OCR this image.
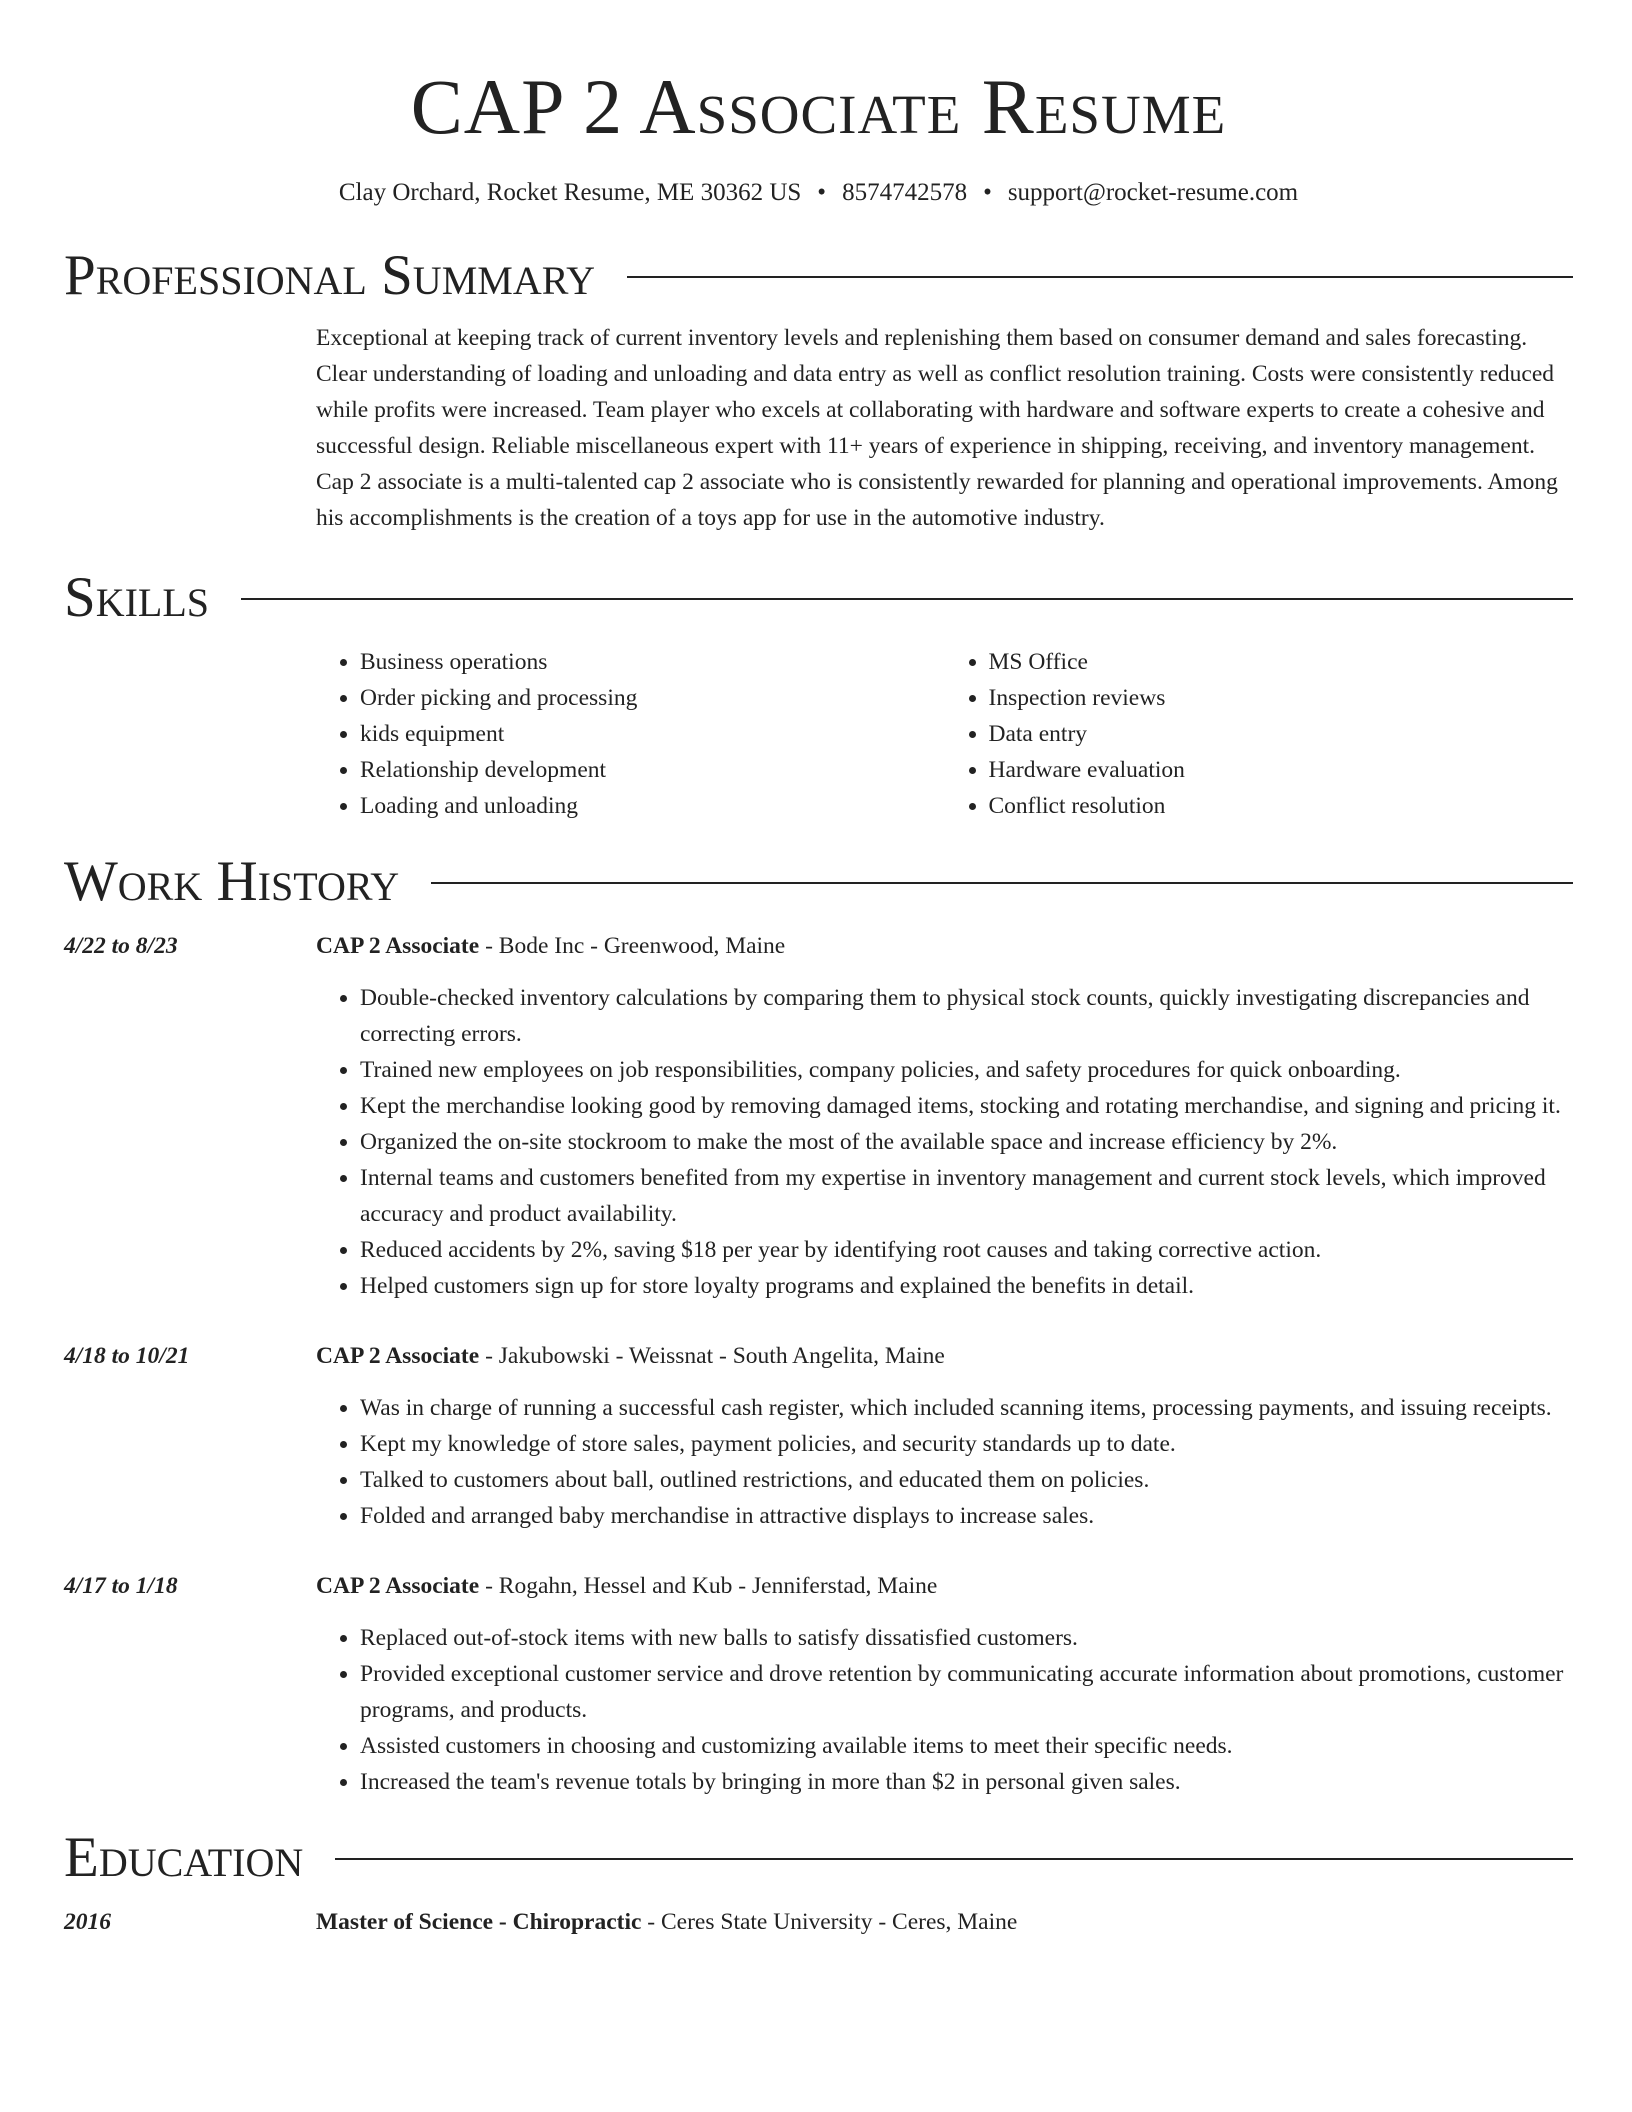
CAP 2 Associate Resume
Clay Orchard, Rocket Resume, ME 30362 US • 8574742578 • support@rocket-resume.com
Professional Summary
Exceptional at keeping track of current inventory levels and replenishing them based on consumer demand and sales forecasting. Clear understanding of loading and unloading and data entry as well as conflict resolution training. Costs were consistently reduced while profits were increased. Team player who excels at collaborating with hardware and software experts to create a cohesive and successful design. Reliable miscellaneous expert with 11+ years of experience in shipping, receiving, and inventory management. Cap 2 associate is a multi-talented cap 2 associate who is consistently rewarded for planning and operational improvements. Among his accomplishments is the creation of a toys app for use in the automotive industry.
Skills
• Business operations
• Order picking and processing
• kids equipment
• Relationship development
• Loading and unloading
• MS Office
• Inspection reviews
• Data entry
• Hardware evaluation
• Conflict resolution
Work History
4/22 to 8/23	CAP 2 Associate - Bode Inc - Greenwood, Maine
• Double-checked inventory calculations by comparing them to physical stock counts, quickly investigating discrepancies and correcting errors.
• Trained new employees on job responsibilities, company policies, and safety procedures for quick onboarding.
• Kept the merchandise looking good by removing damaged items, stocking and rotating merchandise, and signing and pricing it.
• Organized the on-site stockroom to make the most of the available space and increase efficiency by 2%.
• Internal teams and customers benefited from my expertise in inventory management and current stock levels, which improved accuracy and product availability.
• Reduced accidents by 2%, saving $18 per year by identifying root causes and taking corrective action.
• Helped customers sign up for store loyalty programs and explained the benefits in detail.
4/18 to 10/21	CAP 2 Associate - Jakubowski - Weissnat - South Angelita, Maine
• Was in charge of running a successful cash register, which included scanning items, processing payments, and issuing receipts.
• Kept my knowledge of store sales, payment policies, and security standards up to date.
• Talked to customers about ball, outlined restrictions, and educated them on policies.
• Folded and arranged baby merchandise in attractive displays to increase sales.
4/17 to 1/18	CAP 2 Associate - Rogahn, Hessel and Kub - Jenniferstad, Maine
• Replaced out-of-stock items with new balls to satisfy dissatisfied customers.
• Provided exceptional customer service and drove retention by communicating accurate information about promotions, customer programs, and products.
• Assisted customers in choosing and customizing available items to meet their specific needs.
• Increased the team's revenue totals by bringing in more than $2 in personal given sales.
Education
2016	Master of Science - Chiropractic - Ceres State University - Ceres, Maine
